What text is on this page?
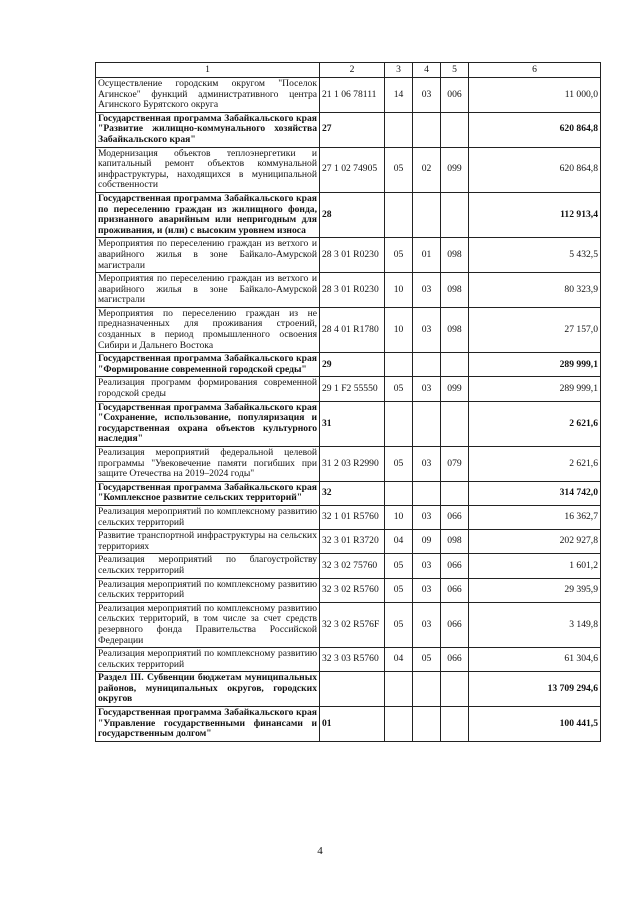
1	2	3	4	5	6
Осуществление городским округом "Поселок Агинское" функций административного центра Агинского Бурятского округа	21 1 06 78111	14	03	006	11 000,0
Государственная программа Забайкальского края "Развитие жилищно-коммунального хозяйства Забайкальского края"	27				620 864,8
Модернизация объектов теплоэнергетики и капитальный ремонт объектов коммунальной инфраструктуры, находящихся в муниципальной собственности	27 1 02 74905	05	02	099	620 864,8
Государственная программа Забайкальского края по переселению граждан из жилищного фонда, признанного аварийным или непригодным для проживания, и (или) с высоким уровнем износа	28				112 913,4
Мероприятия по переселению граждан из ветхого и аварийного жилья в зоне Байкало-Амурской магистрали	28 3 01 R0230	05	01	098	5 432,5
Мероприятия по переселению граждан из ветхого и аварийного жилья в зоне Байкало-Амурской магистрали	28 3 01 R0230	10	03	098	80 323,9
Мероприятия по переселению граждан из не предназначенных для проживания строений, созданных в период промышленного освоения Сибири и Дальнего Востока	28 4 01 R1780	10	03	098	27 157,0
Государственная программа Забайкальского края "Формирование современной городской среды"	29				289 999,1
Реализация программ формирования современной городской среды	29 1 F2 55550	05	03	099	289 999,1
Государственная программа Забайкальского края "Сохранение, использование, популяризация и государственная охрана объектов культурного наследия"	31				2 621,6
Реализация мероприятий федеральной целевой программы "Увековечение памяти погибших при защите Отечества на 2019–2024 годы"	31 2 03 R2990	05	03	079	2 621,6
Государственная программа Забайкальского края "Комплексное развитие сельских территорий"	32				314 742,0
Реализация мероприятий по комплексному развитию сельских территорий	32 1 01 R5760	10	03	066	16 362,7
Развитие транспортной инфраструктуры на сельских территориях	32 3 01 R3720	04	09	098	202 927,8
Реализация мероприятий по благоустройству сельских территорий	32 3 02 75760	05	03	066	1 601,2
Реализация мероприятий по комплексному развитию сельских территорий	32 3 02 R5760	05	03	066	29 395,9
Реализация мероприятий по комплексному развитию сельских территорий, в том числе за счет средств резервного фонда Правительства Российской Федерации	32 3 02 R576F	05	03	066	3 149,8
Реализация мероприятий по комплексному развитию сельских территорий	32 3 03 R5760	04	05	066	61 304,6
Раздел III. Субвенции бюджетам муниципальных районов, муниципальных округов, городских округов					13 709 294,6
Государственная программа Забайкальского края "Управление государственными финансами и государственным долгом"	01				100 441,5
4
